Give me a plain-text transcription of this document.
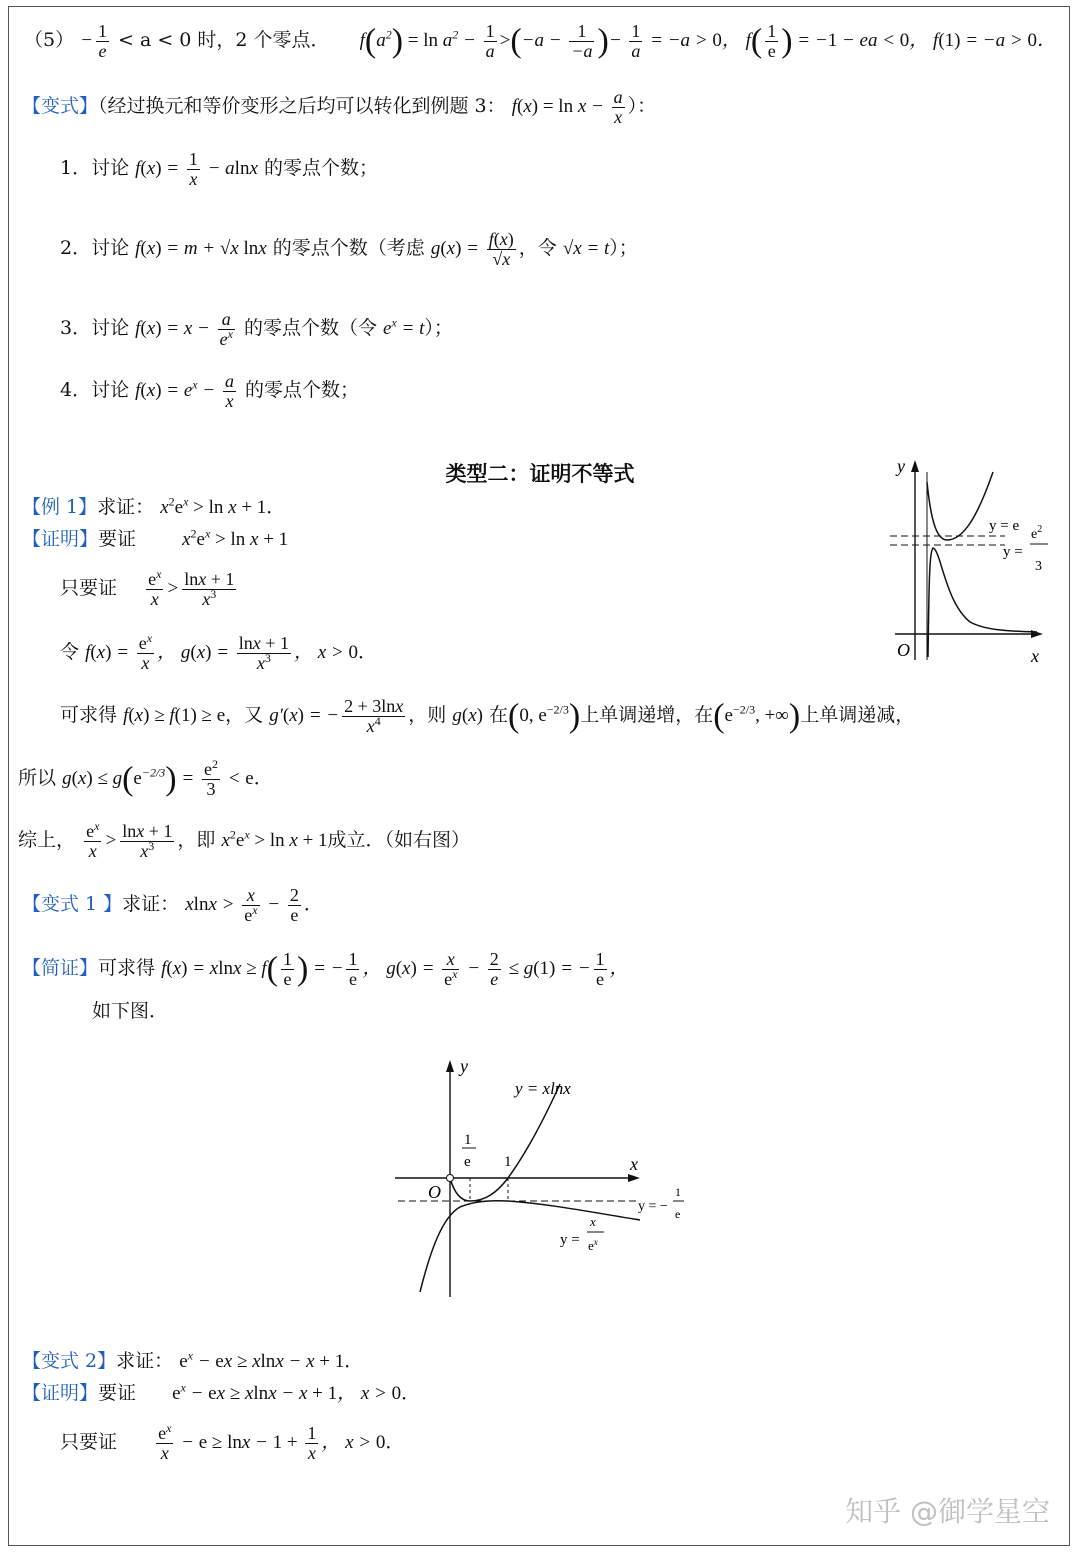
$(5) - \frac{1}{e} < a < 0$ 时，2 个零点． $f(a^2) = \ln a^2 - \frac{1}{a} >(-a - \frac{1}{-a}$ )− $\frac{1}{a} = -a > 0$， $f( \frac{1}{e}$ ) = −1 − ea < 0， f(1) = −a > 0．
【变式】（经过换元和等价变形之后均可以转化到例题 3： $f(x) = \ln x - \frac{a}{x}$ ）：
1．讨论 $f(x) = \frac{1}{x} - alnx$ 的零点个数；
2．讨论 f(x) = m + √x lnx 的零点个数（考虑 $g(x) = \frac{f(x)}{√x}$ ，令 √x = t）；
3．讨论 $f(x) = x - \frac{a}{e^x}$ 的零点个数（令 $e^x = t$）；
4．讨论 $f(x) = e^x - \frac{a}{x}$ 的零点个数；
类型二：证明不等式	y
x
O
y = e
y =
$e^2$
3
【例 1】求证： $x^2e^x > \ln x + 1$．
【证明】要证 $x^2e^x > \ln x + 1$
只要证 $\frac{e^x}{x} > \frac{\ln x + 1}{x^3}$
令 $f(x) = \frac{e^x}{x}$ ， $g(x) = \frac{\ln x + 1}{x^3}$ ， x > 0．
可求得 f(x) ≥ f(1) ≥ e，又 g′(x) = − $\frac{2 + 3\ln x}{x^4}$ ，则 g(x) 在(0, $e^{-2/3}$)上单调递增，在($e^{-2/3}$, +∞)上单调递减，
所以 $g(x) \le g(e^{-2/3}) = \frac{e^2}{3} < e$．
综上， $\frac{e^x}{x} > \frac{\ln x + 1}{x^3}$ ，即 $x^2e^x > \ln x + 1$成立．（如右图）
【变式 1 】求证： $xlnx > \frac{x}{e^x} - \frac{2}{e}$ ．
【简证】可求得 $f(x) = xlnx \ge f( \frac{1}{e}$ ) = − $\frac{1}{e}$ ， $g(x) = \frac{x}{e^x} - \frac{2}{e} \le g(1)$ = − $\frac{1}{e}$ ，
如下图．
y
x
O
y = xlnx
1
e 1
y = −
1
e
y =
x
$e^x$
【变式 2】求证： $e^x$ − ex ≥ xlnx − x + 1．
【证明】要证 $e^x$ − ex ≥ xlnx − x + 1， x > 0．
只要证 $\frac{e^x}{x} - e \ge \ln x - 1 + \frac{1}{x}$ ， x > 0．
知乎 @御学星空
